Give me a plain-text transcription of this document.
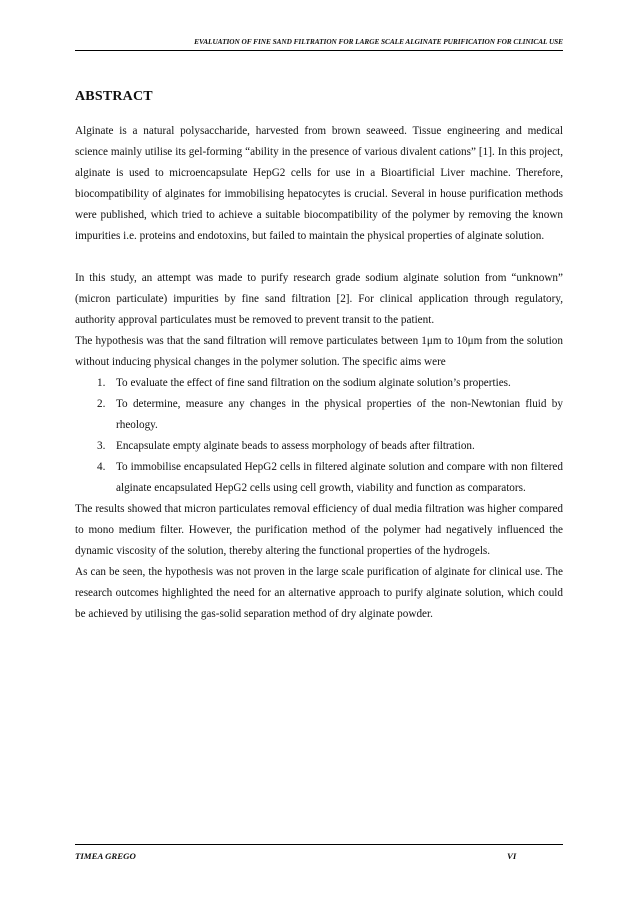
EVALUATION OF FINE SAND FILTRATION FOR LARGE SCALE ALGINATE PURIFICATION FOR CLINICAL USE
ABSTRACT

Alginate is a natural polysaccharide, harvested from brown seaweed. Tissue engineering and medical science mainly utilise its gel-forming “ability in the presence of various divalent cations” [1]. In this project, alginate is used to microencapsulate HepG2 cells for use in a Bioartificial Liver machine. Therefore, biocompatibility of alginates for immobilising hepatocytes is crucial. Several in house purification methods were published, which tried to achieve a suitable biocompatibility of the polymer by removing the known impurities i.e. proteins and endotoxins, but failed to maintain the physical properties of alginate solution.

In this study, an attempt was made to purify research grade sodium alginate solution from “unknown” (micron particulate) impurities by fine sand filtration [2]. For clinical application through regulatory, authority approval particulates must be removed to prevent transit to the patient.

The hypothesis was that the sand filtration will remove particulates between 1μm to 10μm from the solution without inducing physical changes in the polymer solution. The specific aims were

1. To evaluate the effect of fine sand filtration on the sodium alginate solution’s properties.
2. To determine, measure any changes in the physical properties of the non-Newtonian fluid by rheology.
3. Encapsulate empty alginate beads to assess morphology of beads after filtration.
4. To immobilise encapsulated HepG2 cells in filtered alginate solution and compare with non filtered alginate encapsulated HepG2 cells using cell growth, viability and function as comparators.

The results showed that micron particulates removal efficiency of dual media filtration was higher compared to mono medium filter. However, the purification method of the polymer had negatively influenced the dynamic viscosity of the solution, thereby altering the functional properties of the hydrogels.

As can be seen, the hypothesis was not proven in the large scale purification of alginate for clinical use. The research outcomes highlighted the need for an alternative approach to purify alginate solution, which could be achieved by utilising the gas-solid separation method of dry alginate powder.

TIMEA GREGO	VI
